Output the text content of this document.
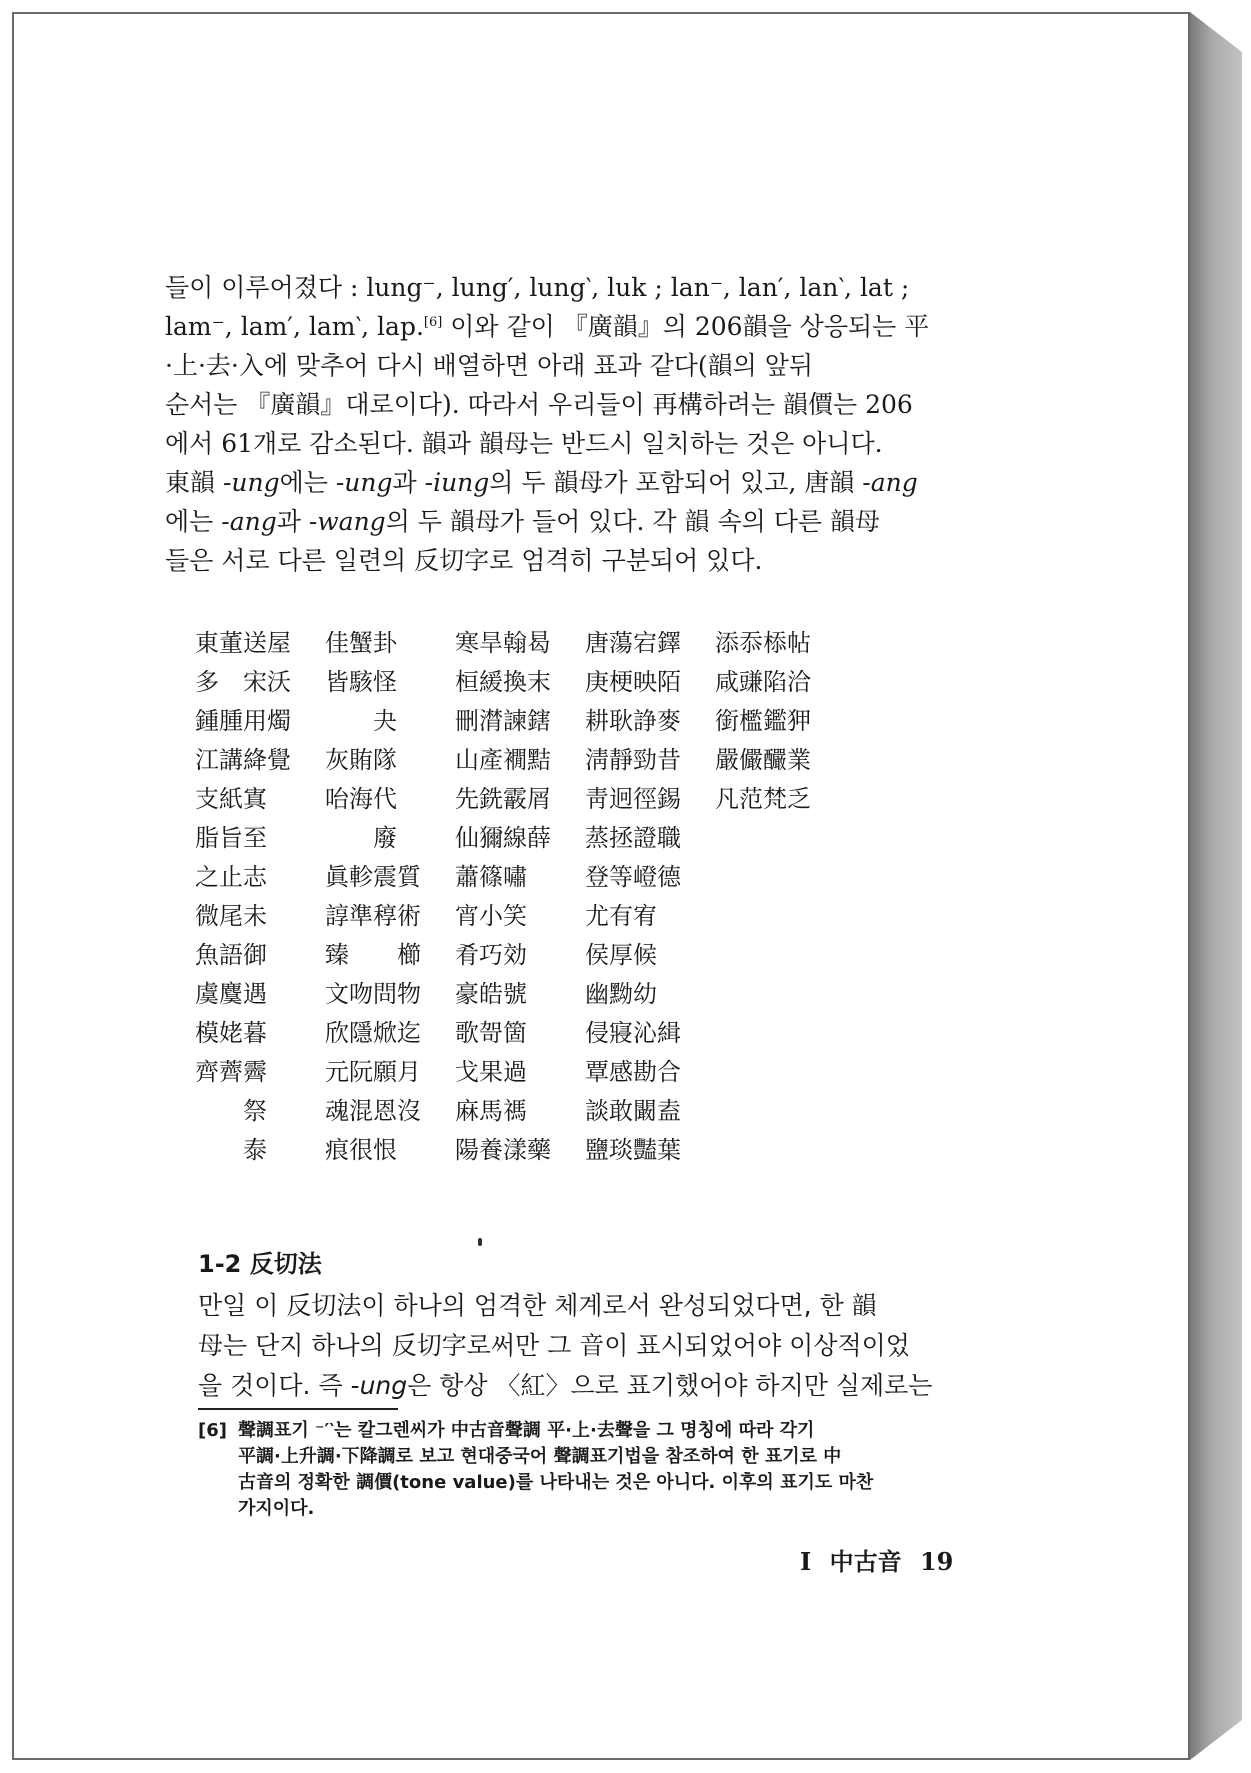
들이 이루어졌다 : lung⁻, lung′, lung‵, luk ; lan⁻, lan′, lan‵, lat ;

lam⁻, lam′, lam‵, lap.[6] 이와 같이 『廣韻』의 206韻을 상응되는 平

·上·去·入에 맞추어 다시 배열하면 아래 표과 같다(韻의 앞뒤

순서는 『廣韻』대로이다). 따라서 우리들이 再構하려는 韻價는 206

에서 61개로 감소된다. 韻과 韻母는 반드시 일치하는 것은 아니다.

東韻 -ung에는 -ung과 -iung의 두 韻母가 포함되어 있고, 唐韻 -ang

에는 -ang과 -wang의 두 韻母가 들어 있다. 각 韻 속의 다른 韻母

들은 서로 다른 일련의 反切字로 엄격히 구분되어 있다.

東董送屋
多　宋沃
鍾腫用燭
江講絳覺
支紙寘
脂旨至
之止志
微尾未
魚語御
虞麌遇
模姥暮
齊薺霽
　　祭
　　泰
佳蟹卦
皆駭怪
　　夬
灰賄隊
咍海代
　　廢
眞軫震質
諄準稕術
臻　　櫛
文吻問物
欣隱焮迄
元阮願月
魂混恩沒
痕很恨
寒旱翰曷
桓緩換末
刪潸諫鎋
山產襉黠
先銑霰屑
仙獮線薛
蕭篠嘯
宵小笑
肴巧効
豪皓號
歌哿箇
戈果過
麻馬禡
陽養漾藥
唐蕩宕鐸
庚梗映陌
耕耿諍麥
淸靜勁昔
靑迥徑錫
蒸拯證職
登等嶝德
尤有宥
侯厚候
幽黝幼
侵寢沁緝
覃感勘合
談敢闞盍
鹽琰豔葉
添忝㮇帖
咸豏陷洽
銜檻鑑狎
嚴儼釅業
凡范梵乏
1-2 反切法
만일 이 反切法이 하나의 엄격한 체계로서 완성되었다면, 한 韻
母는 단지 하나의 反切字로써만 그 音이 표시되었어야 이상적이었
을 것이다. 즉 -ung은 항상 〈紅〉으로 표기했어야 하지만 실제로는
[6] 聲調표기 ⁻′‵는 칼그렌씨가 中古音聲調 平·上·去聲을 그 명칭에 따라 각기
平調·上升調·下降調로 보고 현대중국어 聲調표기법을 참조하여 한 표기로 中
古音의 정확한 調價(tone value)를 나타내는 것은 아니다. 이후의 표기도 마찬
가지이다.
I 中古音 19
